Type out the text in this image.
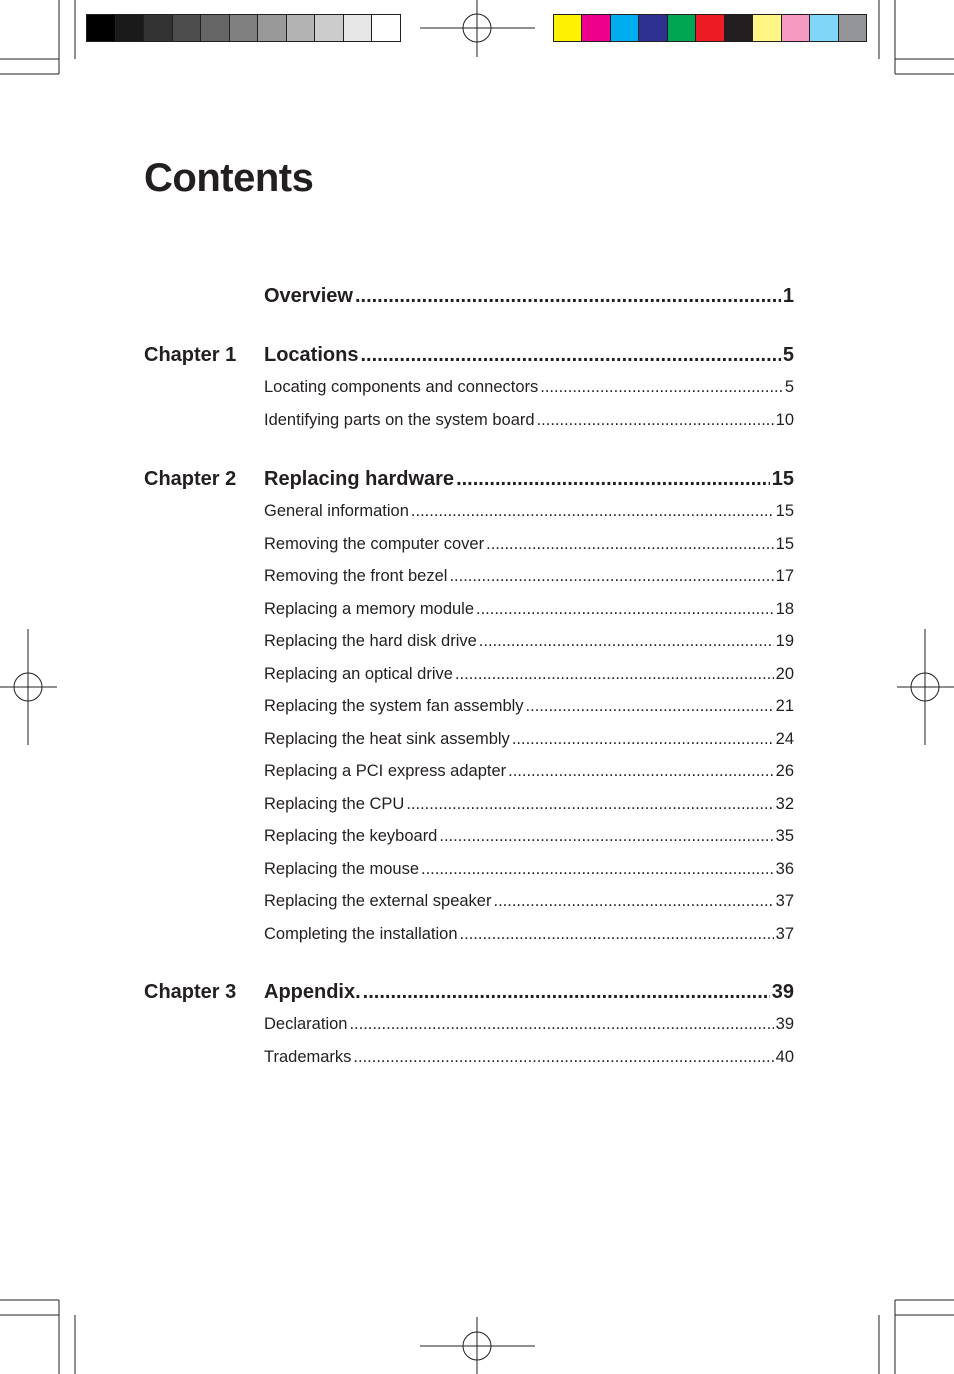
Contents
Overview .....	1
Chapter 1	Locations .....	5
Locating components and connectors .....	5
Identifying parts on the system board .....	10
Chapter 2	Replacing hardware .....	15
General information .....	15
Removing the computer cover .....	15
Removing the front bezel .....	17
Replacing a memory module .....	18
Replacing the hard disk drive .....	19
Replacing an optical drive .....	20
Replacing the system fan assembly .....	21
Replacing the heat sink assembly .....	24
Replacing a PCI express adapter .....	26
Replacing the CPU .....	32
Replacing the keyboard .....	35
Replacing the mouse .....	36
Replacing the external speaker .....	37
Completing the installation .....	37
Chapter 3	Appendix. .....	39
Declaration .....	39
Trademarks .....	40
